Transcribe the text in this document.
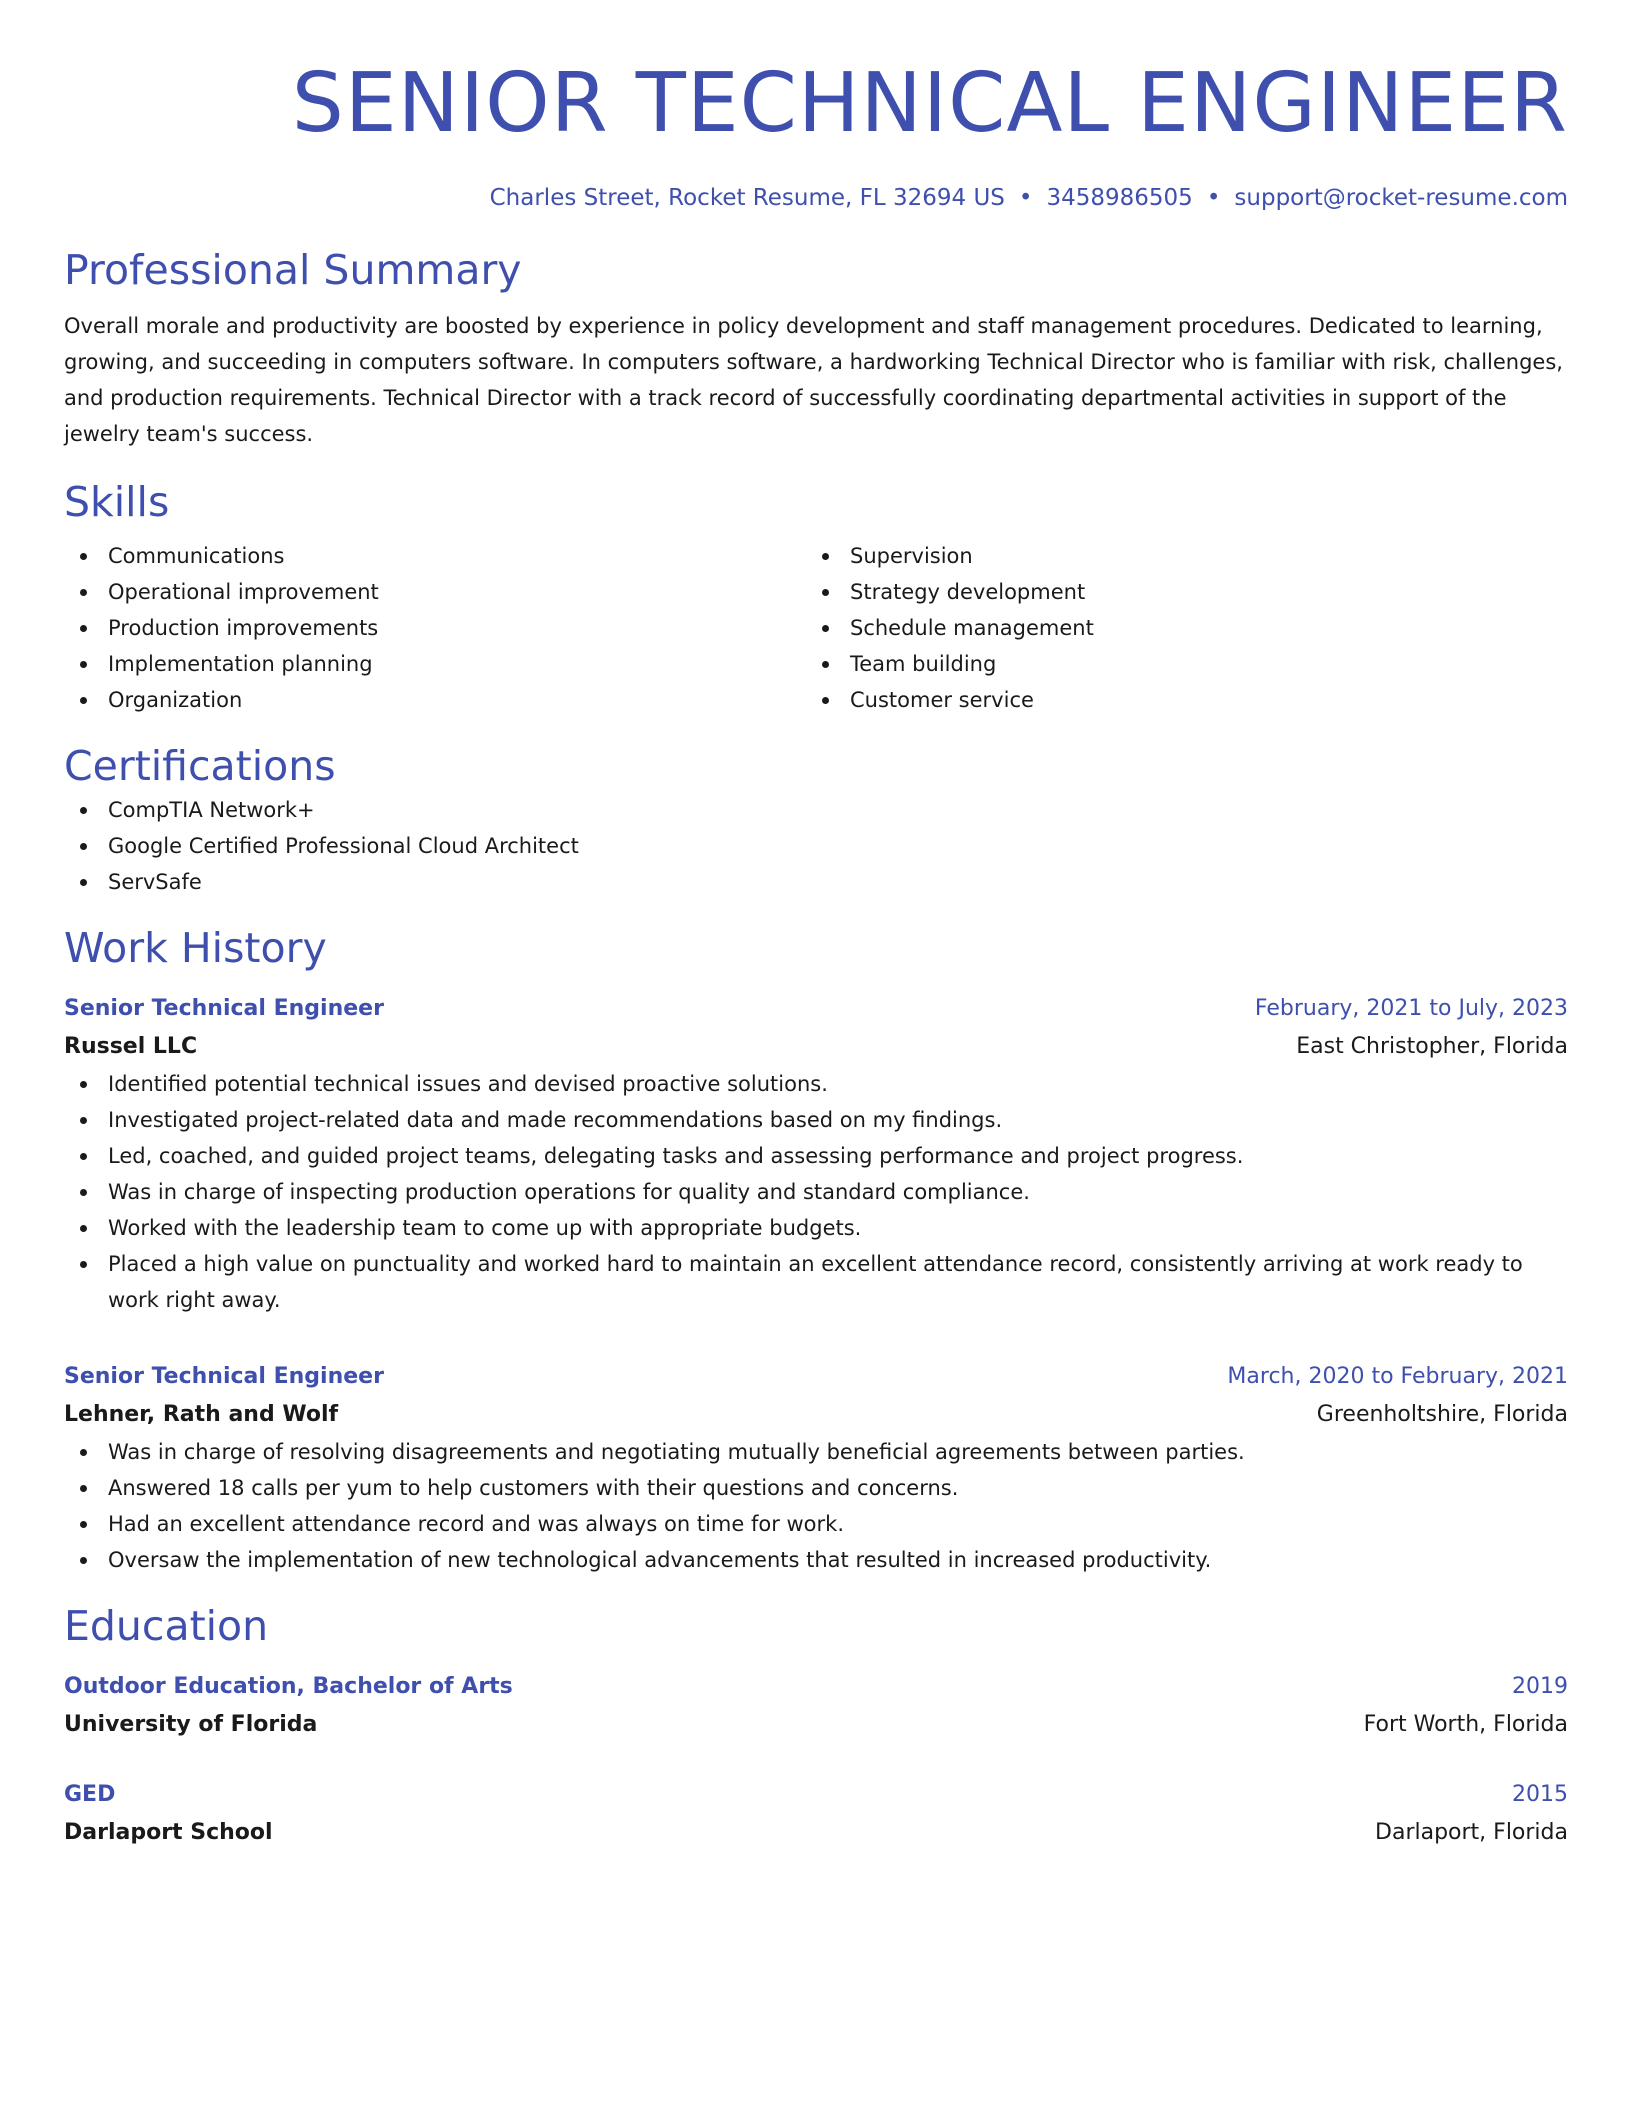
SENIOR TECHNICAL ENGINEER
Charles Street, Rocket Resume, FL 32694 US • 3458986505 • support@rocket-resume.com
Professional Summary

Overall morale and productivity are boosted by experience in policy development and staff management procedures. Dedicated to learning, growing, and succeeding in computers software. In computers software, a hardworking Technical Director who is familiar with risk, challenges, and production requirements. Technical Director with a track record of successfully coordinating departmental activities in support of the jewelry team's success.

Skills
Communications
Operational improvement
Production improvements
Implementation planning
Organization
Supervision
Strategy development
Schedule management
Team building
Customer service
Certifications
CompTIA Network+
Google Certified Professional Cloud Architect
ServSafe
Work History
Senior Technical Engineer	February, 2021 to July, 2023
Russel LLC	East Christopher, Florida
Identified potential technical issues and devised proactive solutions.
Investigated project-related data and made recommendations based on my findings.
Led, coached, and guided project teams, delegating tasks and assessing performance and project progress.
Was in charge of inspecting production operations for quality and standard compliance.
Worked with the leadership team to come up with appropriate budgets.
Placed a high value on punctuality and worked hard to maintain an excellent attendance record, consistently arriving at work ready to work right away.
Senior Technical Engineer	March, 2020 to February, 2021
Lehner, Rath and Wolf	Greenholtshire, Florida
Was in charge of resolving disagreements and negotiating mutually beneficial agreements between parties.
Answered 18 calls per yum to help customers with their questions and concerns.
Had an excellent attendance record and was always on time for work.
Oversaw the implementation of new technological advancements that resulted in increased productivity.
Education
Outdoor Education, Bachelor of Arts	2019
University of Florida	Fort Worth, Florida
GED	2015
Darlaport School	Darlaport, Florida
